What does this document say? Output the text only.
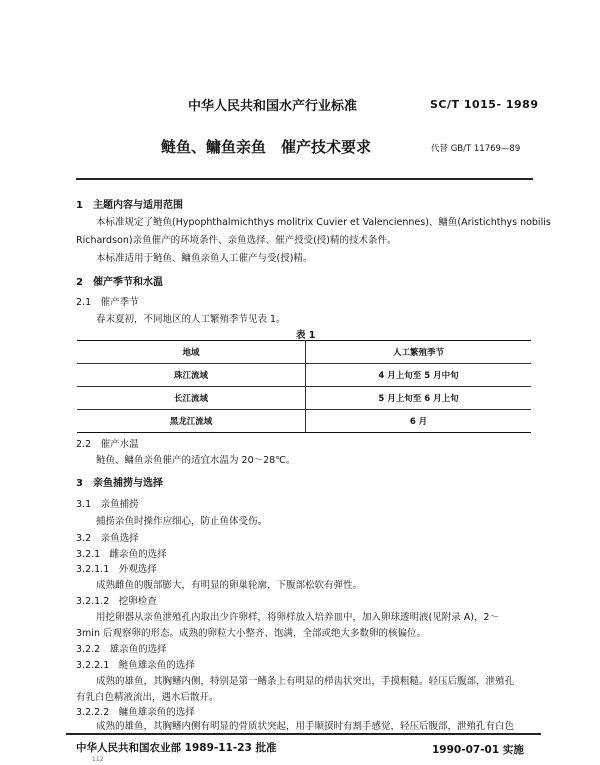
中华人民共和国水产行业标准	SC/T 1015- 1989
鲢鱼、鳙鱼亲鱼　催产技术要求	代替 GB/T 11769—89
1　主题内容与适用范围
本标准规定了鲢鱼(Hypophthalmichthys molitrix Cuvier et Valenciennes)、鳙鱼(Aristichthys nobilis
Richardson)亲鱼催产的环境条件、亲鱼选择、催产授受(授)精的技术条件。
本标准适用于鲢鱼、鳙鱼亲鱼人工催产与受(授)精。
2　催产季节和水温
2.1　催产季节
春末夏初，不同地区的人工繁殖季节见表 1。
表 1
地域	人工繁殖季节
珠江流域	4 月上旬至 5 月中旬
长江流域	5 月上旬至 6 月上旬
黑龙江流域	6 月
2.2　催产水温
鲢鱼、鳙鱼亲鱼催产的适宜水温为 20～28℃。
3　亲鱼捕捞与选择
3.1　亲鱼捕捞
捕捞亲鱼时操作应细心，防止鱼体受伤。
3.2　亲鱼选择
3.2.1　雌亲鱼的选择
3.2.1.1　外观选择
成熟雌鱼的腹部膨大，有明显的卵巢轮廓，下腹部松软有弹性。
3.2.1.2　挖卵检查
用挖卵器从亲鱼泄殖孔内取出少许卵样，将卵样放入培养皿中，加入卵球透明液(见附录 A)，2～
3min 后观察卵的形态。成熟的卵粒大小整齐、饱满，全部或绝大多数卵的核偏位。
3.2.2　雄亲鱼的选择
3.2.2.1　鲢鱼雄亲鱼的选择
成熟的雄鱼，其胸鳍内侧，特别是第一鳍条上有明显的栉齿状突出，手摸粗糙。轻压后腹部，泄殖孔
有乳白色精液流出，遇水后散开。
3.2.2.2　鳙鱼雄亲鱼的选择
成熟的雄鱼，其胸鳍内侧有明显的骨质状突起，用手顺摸时有割手感觉，轻压后腹部，泄殖孔有白色
中华人民共和国农业部 1989-11-23 批准	1990-07-01 实施
112
